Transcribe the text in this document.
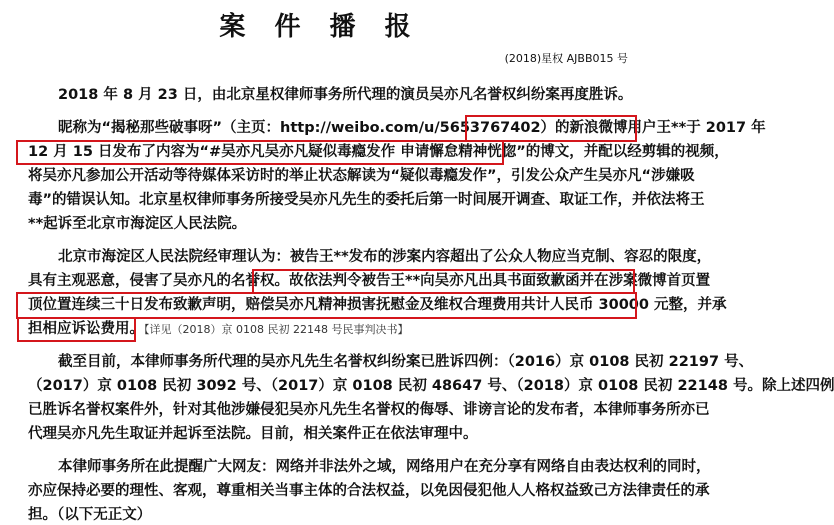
案 件 播 报
(2018)星权 AJBB015 号
2018 年 8 月 23 日，由北京星权律师事务所代理的演员吴亦凡名誉权纠纷案再度胜诉。
昵称为“揭秘那些破事呀”（主页：http://weibo.com/u/5653767402）的新浪微博用户王**于 2017 年
12 月 15 日发布了内容为“#吴亦凡吴亦凡疑似毒瘾发作 申请懈怠精神恍惚”的博文，并配以经剪辑的视频，
将吴亦凡参加公开活动等待媒体采访时的举止状态解读为“疑似毒瘾发作”，引发公众产生吴亦凡“涉嫌吸
毒”的错误认知。北京星权律师事务所接受吴亦凡先生的委托后第一时间展开调查、取证工作，并依法将王
**起诉至北京市海淀区人民法院。
北京市海淀区人民法院经审理认为：被告王**发布的涉案内容超出了公众人物应当克制、容忍的限度，
具有主观恶意，侵害了吴亦凡的名誉权。故依法判令被告王**向吴亦凡出具书面致歉函并在涉案微博首页置
顶位置连续三十日发布致歉声明，赔偿吴亦凡精神损害抚慰金及维权合理费用共计人民币 30000 元整，并承
担相应诉讼费用。【详见（2018）京 0108 民初 22148 号民事判决书】
截至目前，本律师事务所代理的吴亦凡先生名誉权纠纷案已胜诉四例：（2016）京 0108 民初 22197 号、
（2017）京 0108 民初 3092 号、（2017）京 0108 民初 48647 号、（2018）京 0108 民初 22148 号。除上述四例
已胜诉名誉权案件外，针对其他涉嫌侵犯吴亦凡先生名誉权的侮辱、诽谤言论的发布者，本律师事务所亦已
代理吴亦凡先生取证并起诉至法院。目前，相关案件正在依法审理中。
本律师事务所在此提醒广大网友：网络并非法外之域，网络用户在充分享有网络自由表达权利的同时，
亦应保持必要的理性、客观，尊重相关当事主体的合法权益，以免因侵犯他人人格权益致己方法律责任的承
担。（以下无正文）
